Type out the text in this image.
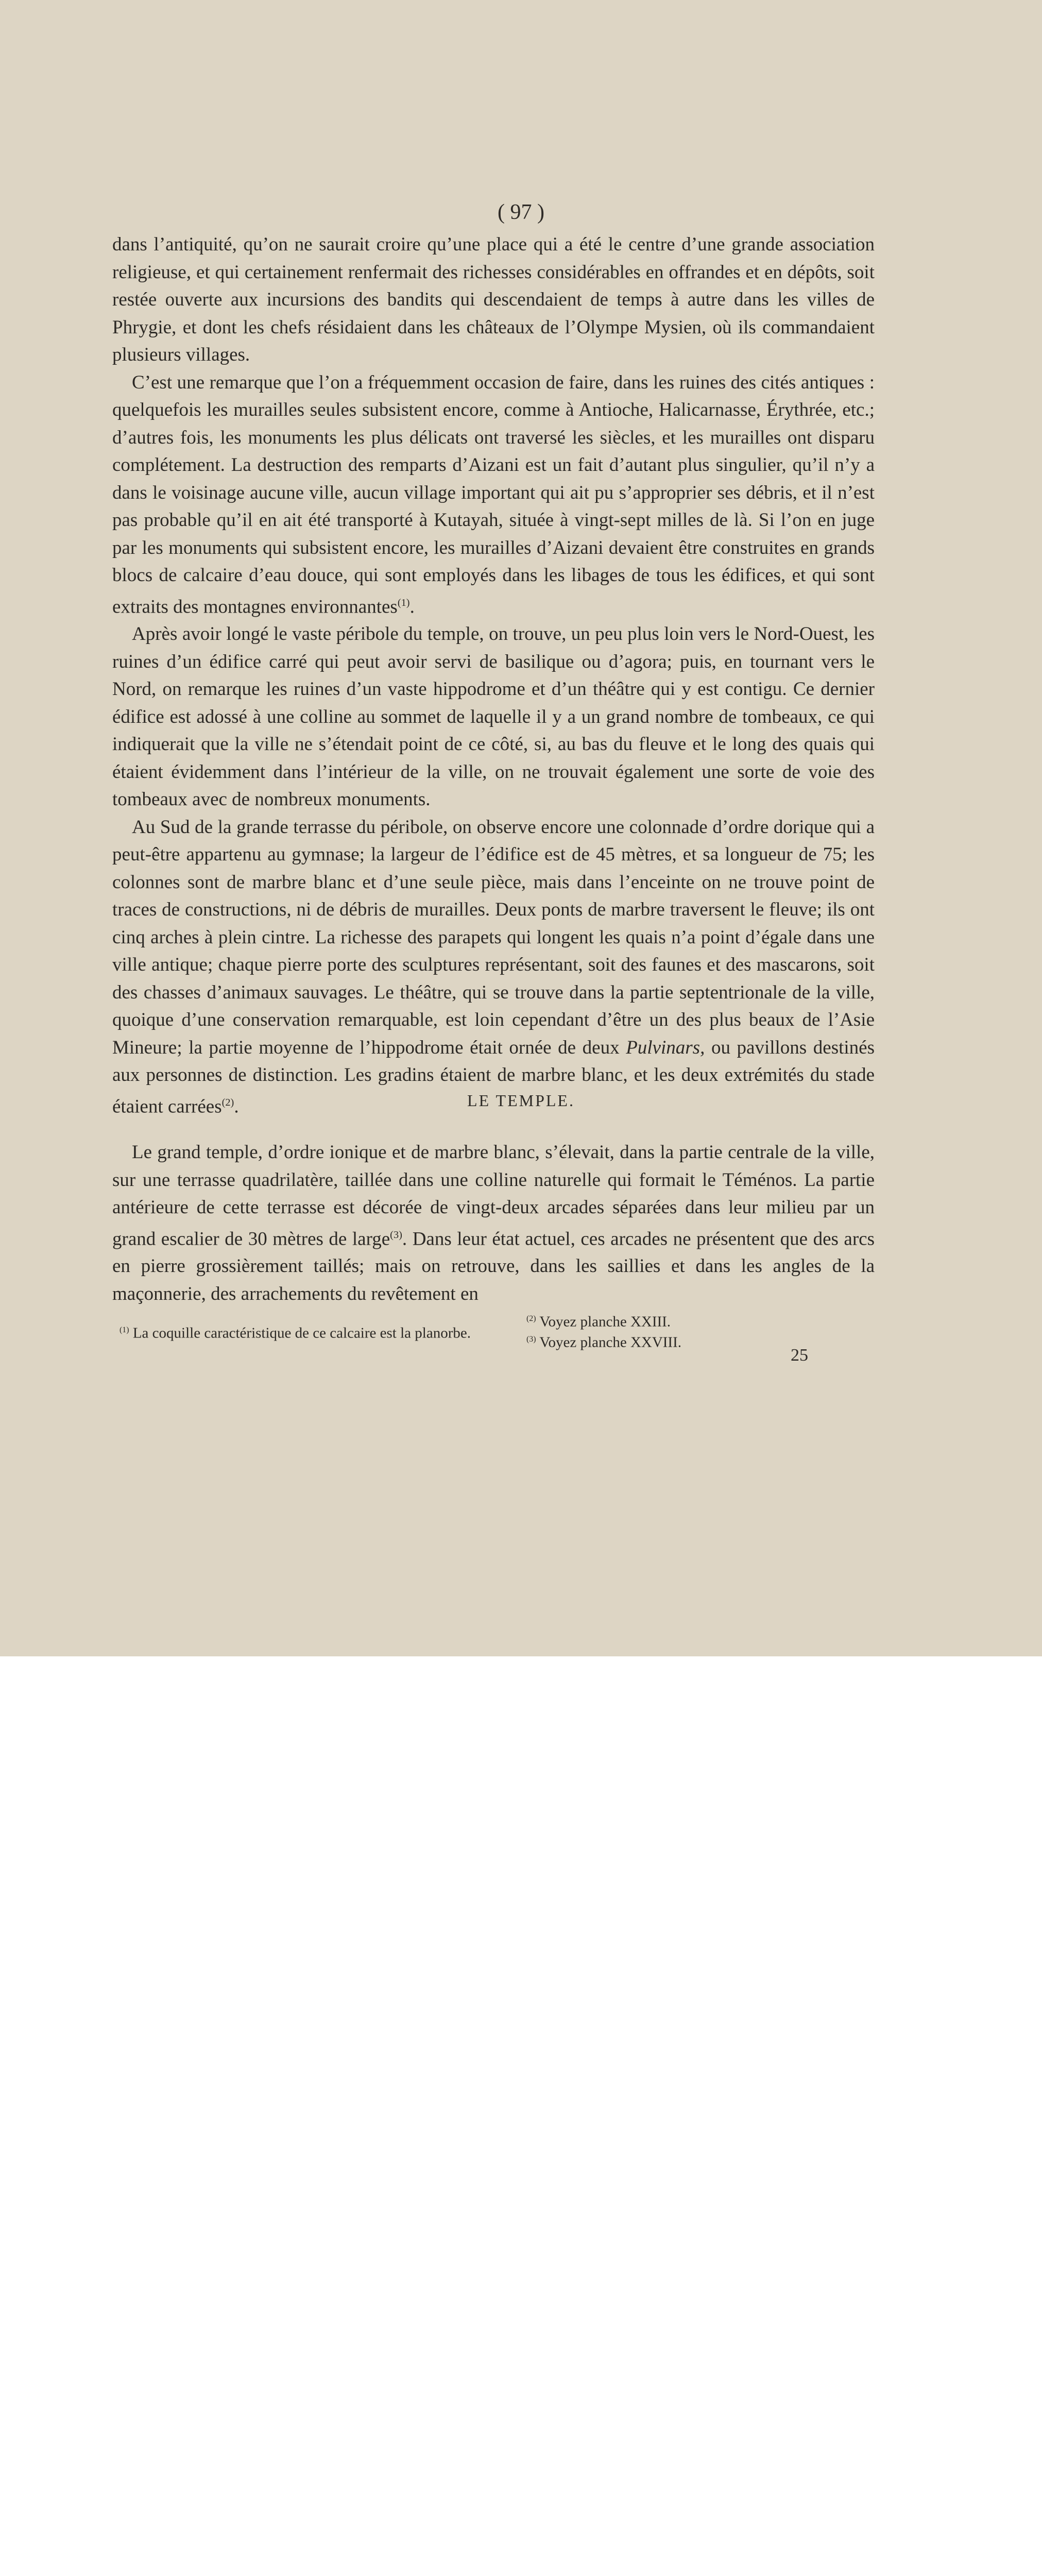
( 97 )

dans l’antiquité, qu’on ne saurait croire qu’une place qui a été le centre d’une grande association religieuse, et qui certainement renfermait des richesses considérables en offrandes et en dépôts, soit restée ouverte aux incursions des bandits qui descendaient de temps à autre dans les villes de Phrygie, et dont les chefs résidaient dans les châteaux de l’Olympe Mysien, où ils commandaient plusieurs villages.

C’est une remarque que l’on a fréquemment occasion de faire, dans les ruines des cités antiques : quelquefois les murailles seules subsistent encore, comme à Antioche, Halicarnasse, Érythrée, etc.; d’autres fois, les monuments les plus délicats ont traversé les siècles, et les murailles ont disparu complétement. La destruction des remparts d’Aizani est un fait d’autant plus singulier, qu’il n’y a dans le voisinage aucune ville, aucun village important qui ait pu s’approprier ses débris, et il n’est pas probable qu’il en ait été transporté à Kutayah, située à vingt-sept milles de là. Si l’on en juge par les monuments qui subsistent encore, les murailles d’Aizani devaient être construites en grands blocs de calcaire d’eau douce, qui sont employés dans les libages de tous les édifices, et qui sont extraits des montagnes environnantes$^{(1)}$.

Après avoir longé le vaste péribole du temple, on trouve, un peu plus loin vers le Nord-Ouest, les ruines d’un édifice carré qui peut avoir servi de basilique ou d’agora; puis, en tournant vers le Nord, on remarque les ruines d’un vaste hippodrome et d’un théâtre qui y est contigu. Ce dernier édifice est adossé à une colline au sommet de laquelle il y a un grand nombre de tombeaux, ce qui indiquerait que la ville ne s’étendait point de ce côté, si, au bas du fleuve et le long des quais qui étaient évidemment dans l’intérieur de la ville, on ne trouvait également une sorte de voie des tombeaux avec de nombreux monuments.

Au Sud de la grande terrasse du péribole, on observe encore une colonnade d’ordre dorique qui a peut-être appartenu au gymnase; la largeur de l’édifice est de 45 mètres, et sa longueur de 75; les colonnes sont de marbre blanc et d’une seule pièce, mais dans l’enceinte on ne trouve point de traces de constructions, ni de débris de murailles. Deux ponts de marbre traversent le fleuve; ils ont cinq arches à plein cintre. La richesse des parapets qui longent les quais n’a point d’égale dans une ville antique; chaque pierre porte des sculptures représentant, soit des faunes et des mascarons, soit des chasses d’animaux sauvages. Le théâtre, qui se trouve dans la partie septentrionale de la ville, quoique d’une conservation remarquable, est loin cependant d’être un des plus beaux de l’Asie Mineure; la partie moyenne de l’hippodrome était ornée de deux Pulvinars, ou pavillons destinés aux personnes de distinction. Les gradins étaient de marbre blanc, et les deux extrémités du stade étaient carrées$^{(2)}$.	LE TEMPLE.
Le grand temple, d’ordre ionique et de marbre blanc, s’élevait, dans la partie centrale de la ville, sur une terrasse quadrilatère, taillée dans une colline naturelle qui formait le Téménos. La partie antérieure de cette terrasse est décorée de vingt-deux arcades séparées dans leur milieu par un grand escalier de 30 mètres de large$^{(3)}$. Dans leur état actuel, ces arcades ne présentent que des arcs en pierre grossièrement taillés; mais on retrouve, dans les saillies et dans les angles de la maçonnerie, des arrachements du revêtement en
$^{(1)}$ La coquille caractéristique de ce calcaire est la planorbe.
$^{(2)}$ Voyez planche XXIII.
$^{(3)}$ Voyez planche XXVIII.
25
